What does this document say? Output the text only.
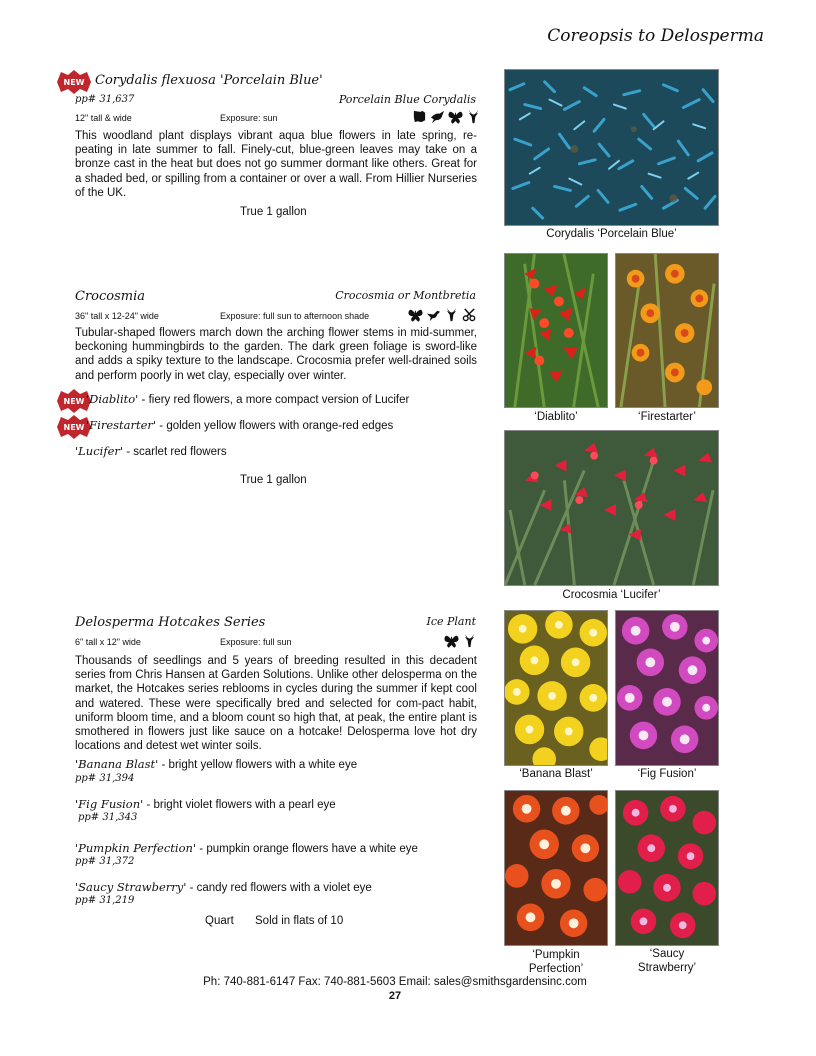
Coreopsis to Delosperma
NEW Corydalis flexuosa 'Porcelain Blue'
pp# 31,637	Porcelain Blue Corydalis
12" tall & wide	Exposure: sun
This woodland plant displays vibrant aqua blue flowers in late spring, re-peating in late summer to fall. Finely-cut, blue-green leaves may take on a bronze cast in the heat but does not go summer dormant like others. Great for a shaded bed, or spilling from a container or over a wall. From Hillier Nurseries of the UK.
True 1 gallon
Corydalis ‘Porcelain Blue’
Crocosmia	Crocosmia or Montbretia
36" tall x 12-24" wide	Exposure: full sun to afternoon shade
Tubular-shaped flowers march down the arching flower stems in mid-summer, beckoning hummingbirds to the garden. The dark green foliage is sword-like and adds a spiky texture to the landscape. Crocosmia prefer well-drained soils and perform poorly in wet clay, especially over winter.
NEW 'Diablito' - fiery red flowers, a more compact version of Lucifer
NEW 'Firestarter' - golden yellow flowers with orange-red edges
'Lucifer' - scarlet red flowers
True 1 gallon
‘Diablito’	‘Firestarter’
Crocosmia ‘Lucifer’
Delosperma Hotcakes Series	Ice Plant
6" tall x 12" wide	Exposure: full sun
Thousands of seedlings and 5 years of breeding resulted in this decadent series from Chris Hansen at Garden Solutions. Unlike other delosperma on the market, the Hotcakes series reblooms in cycles during the summer if kept cool and watered. These were specifically bred and selected for com-pact habit, uniform bloom time, and a bloom count so high that, at peak, the entire plant is smothered in flowers just like sauce on a hotcake! Delosperma love hot dry locations and detest wet winter soils.
'Banana Blast' - bright yellow flowers with a white eye
pp# 31,394
'Fig Fusion' - bright violet flowers with a pearl eye
pp# 31,343
'Pumpkin Perfection' - pumpkin orange flowers have a white eye
pp# 31,372
'Saucy Strawberry' - candy red flowers with a violet eye
pp# 31,219
Quart Sold in flats of 10
‘Banana Blast’	‘Fig Fusion’
‘Pumpkin
Perfection’
‘Saucy
Strawberry’
Ph: 740-881-6147 Fax: 740-881-5603 Email: sales@smithsgardensinc.com
27
